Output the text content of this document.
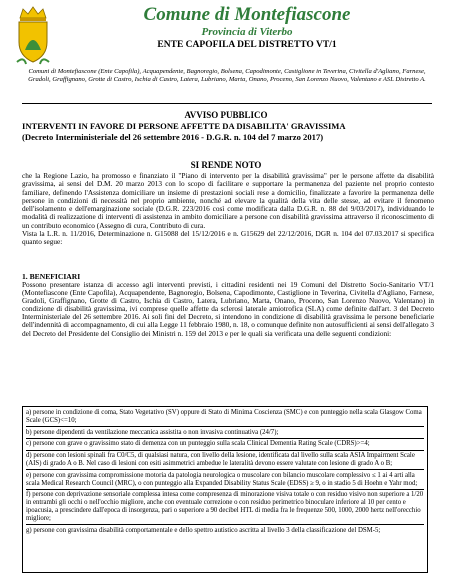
Comune di Montefiascone
Provincia di Viterbo
ENTE CAPOFILA DEL DISTRETTO VT/1
Comuni di Montefiascone (Ente Capofila), Acquapendente, Bagnoregio, Bolsena, Capodimonte, Castiglione in Teverina, Civitella d'Agliano, Farnese, Gradoli, Graffignano, Grotte di Castro, Ischia di Castro, Latera, Lubriano, Marta, Onano, Proceno, San Lorenzo Nuovo, Valentano e ASL Distretto A.
AVVISO PUBBLICO
INTERVENTI IN FAVORE DI PERSONE AFFETTE DA DISABILITA' GRAVISSIMA
(Decreto Interministeriale del 26 settembre 2016 - D.G.R. n. 104 del 7 marzo 2017)
SI RENDE NOTO

che la Regione Lazio, ha promosso e finanziato il "Piano di intervento per la disabilità gravissima" per le persone affette da disabilità gravissima, ai sensi del D.M. 20 marzo 2013 con lo scopo di facilitare e supportare la permanenza del paziente nel proprio contesto familiare, definendo l'Assistenza domiciliare un insieme di prestazioni sociali rese a domicilio, finalizzate a favorire la permanenza delle persone in condizioni di necessità nel proprio ambiente, nonché ad elevare la qualità della vita delle stesse, ad evitare il fenomeno dell'isolamento e dell'emarginazione sociale (D.G.R. 223/2016 così come modificata dalla D.G.R. n. 88 del 9/03/2017), individuando le modalità di realizzazione di interventi di assistenza in ambito domiciliare a persone con disabilità gravissima attraverso il riconoscimento di un contributo economico (Assegno di cura, Contributo di cura.

Vista la L.R. n. 11/2016, Determinazione n. G15088 del 15/12/2016 e n. G15629 del 22/12/2016, DGR n. 104 del 07.03.2017 si specifica quanto segue:

1. BENEFICIARI

Possono presentare istanza di accesso agli interventi previsti, i cittadini residenti nei 19 Comuni del Distretto Socio-Sanitario VT/1 (Montefiascone (Ente Capofila), Acquapendente, Bagnoregio, Bolsena, Capodimonte, Castiglione in Teverina, Civitella d'Agliano, Farnese, Gradoli, Graffignano, Grotte di Castro, Ischia di Castro, Latera, Lubriano, Marta, Onano, Proceno, San Lorenzo Nuovo, Valentano) in condizione di disabilità gravissima, ivi comprese quelle affette da sclerosi laterale amiotrofica (SLA) come definite dall'art. 3 del Decreto Interministeriale del 26 settembre 2016. Ai soli fini del Decreto, si intendono in condizione di disabilità gravissima le persone beneficiarie dell'indennità di accompagnamento, di cui alla Legge 11 febbraio 1980, n. 18, o comunque definite non autosufficienti ai sensi dell'allegato 3 del Decreto del Presidente del Consiglio dei Ministri n. 159 del 2013 e per le quali sia verificata una delle seguenti condizioni:

a) persone in condizione di coma, Stato Vegetativo (SV) oppure di Stato di Minima Coscienza (SMC) e con punteggio nella scala Glasgow Coma Scale (GCS)<=10;
b) persone dipendenti da ventilazione meccanica assistita o non invasiva continuativa (24/7);
c) persone con grave o gravissimo stato di demenza con un punteggio sulla scala Clinical Dementia Rating Scale (CDRS)>=4;
d) persone con lesioni spinali fra C0/C5, di qualsiasi natura, con livello della lesione, identificata dal livello sulla scala ASIA Impairment Scale (AIS) di grado A o B. Nel caso di lesioni con esiti asimmetrici ambedue le lateralità devono essere valutate con lesione di grado A o B;
e) persone con gravissima compromissione motoria da patologia neurologica o muscolare con bilancio muscolare complessivo ≤ 1 ai 4 arti alla scala Medical Research Council (MRC), o con punteggio alla Expanded Disability Status Scale (EDSS) ≥ 9, o in stadio 5 di Hoehn e Yahr mod;
f) persone con deprivazione sensoriale complessa intesa come compresenza di minorazione visiva totale o con residuo visivo non superiore a 1/20 in entrambi gli occhi o nell'occhio migliore, anche con eventuale correzione o con residuo perimetrico binoculare inferiore al 10 per cento e ipoacusia, a prescindere dall'epoca di insorgenza, pari o superiore a 90 decibel HTL di media fra le frequenze 500, 1000, 2000 hertz nell'orecchio migliore;
g) persone con gravissima disabilità comportamentale e dello spettro autistico ascritta al livello 3 della classificazione del DSM-5;
